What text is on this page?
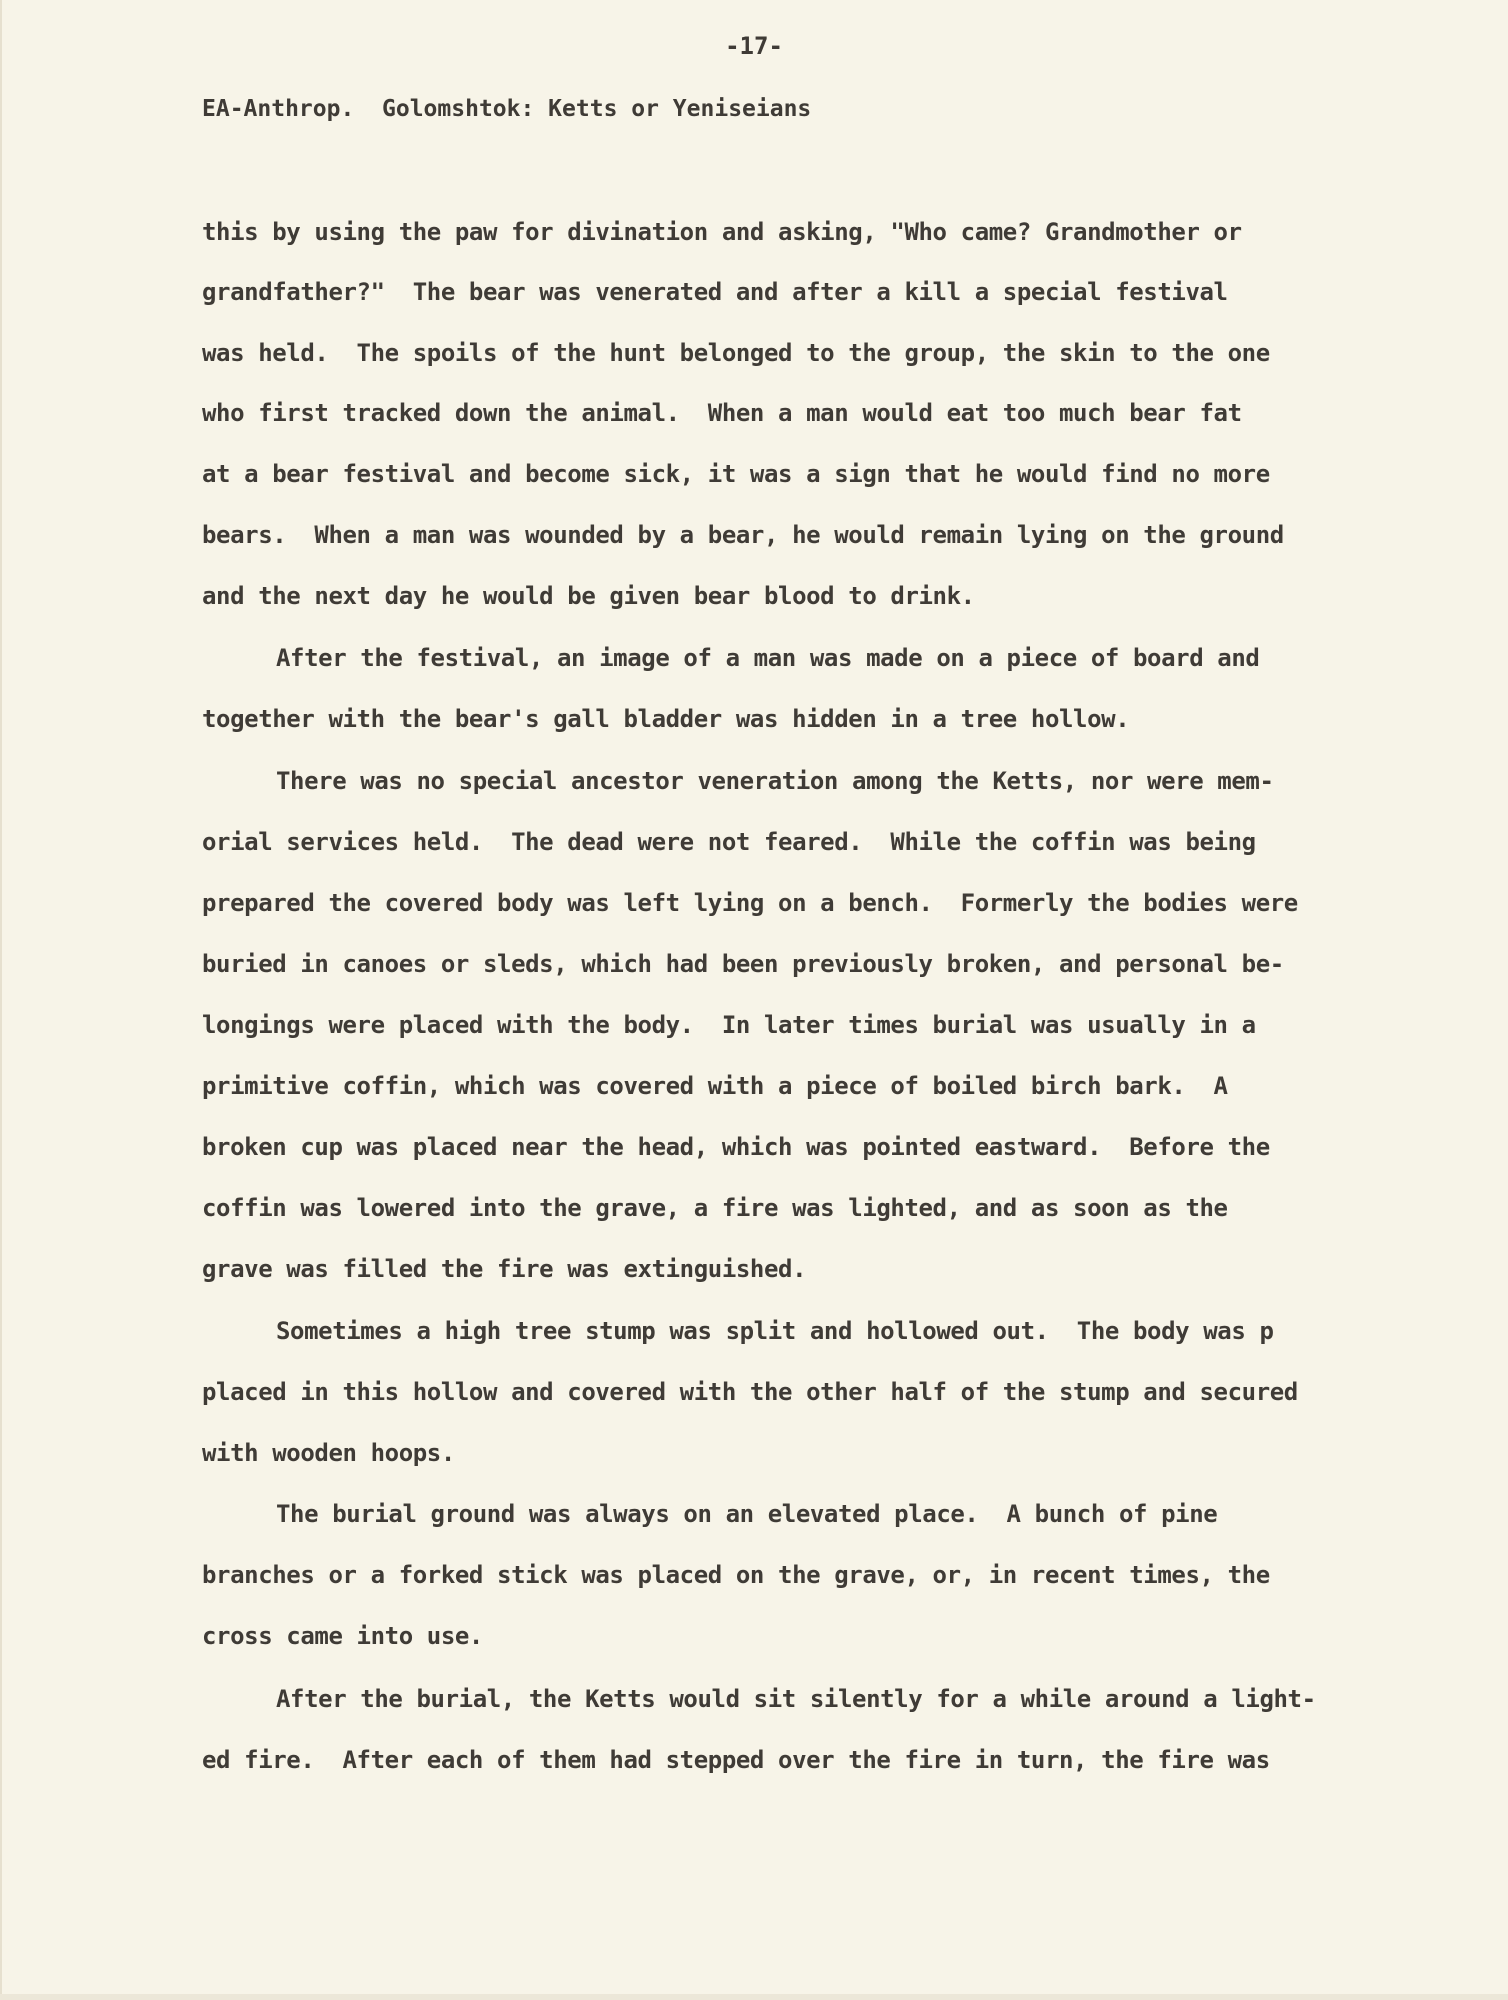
-17-
EA-Anthrop.  Golomshtok: Ketts or Yeniseians
this by using the paw for divination and asking, "Who came? Grandmother or
grandfather?"  The bear was venerated and after a kill a special festival
was held.  The spoils of the hunt belonged to the group, the skin to the one
who first tracked down the animal.  When a man would eat too much bear fat
at a bear festival and become sick, it was a sign that he would find no more
bears.  When a man was wounded by a bear, he would remain lying on the ground
and the next day he would be given bear blood to drink.
After the festival, an image of a man was made on a piece of board and
together with the bear's gall bladder was hidden in a tree hollow.
There was no special ancestor veneration among the Ketts, nor were mem-
orial services held.  The dead were not feared.  While the coffin was being
prepared the covered body was left lying on a bench.  Formerly the bodies were
buried in canoes or sleds, which had been previously broken, and personal be-
longings were placed with the body.  In later times burial was usually in a
primitive coffin, which was covered with a piece of boiled birch bark.  A
broken cup was placed near the head, which was pointed eastward.  Before the
coffin was lowered into the grave, a fire was lighted, and as soon as the
grave was filled the fire was extinguished.
Sometimes a high tree stump was split and hollowed out.  The body was p
placed in this hollow and covered with the other half of the stump and secured
with wooden hoops.
The burial ground was always on an elevated place.  A bunch of pine
branches or a forked stick was placed on the grave, or, in recent times, the
cross came into use.
After the burial, the Ketts would sit silently for a while around a light-
ed fire.  After each of them had stepped over the fire in turn, the fire was
